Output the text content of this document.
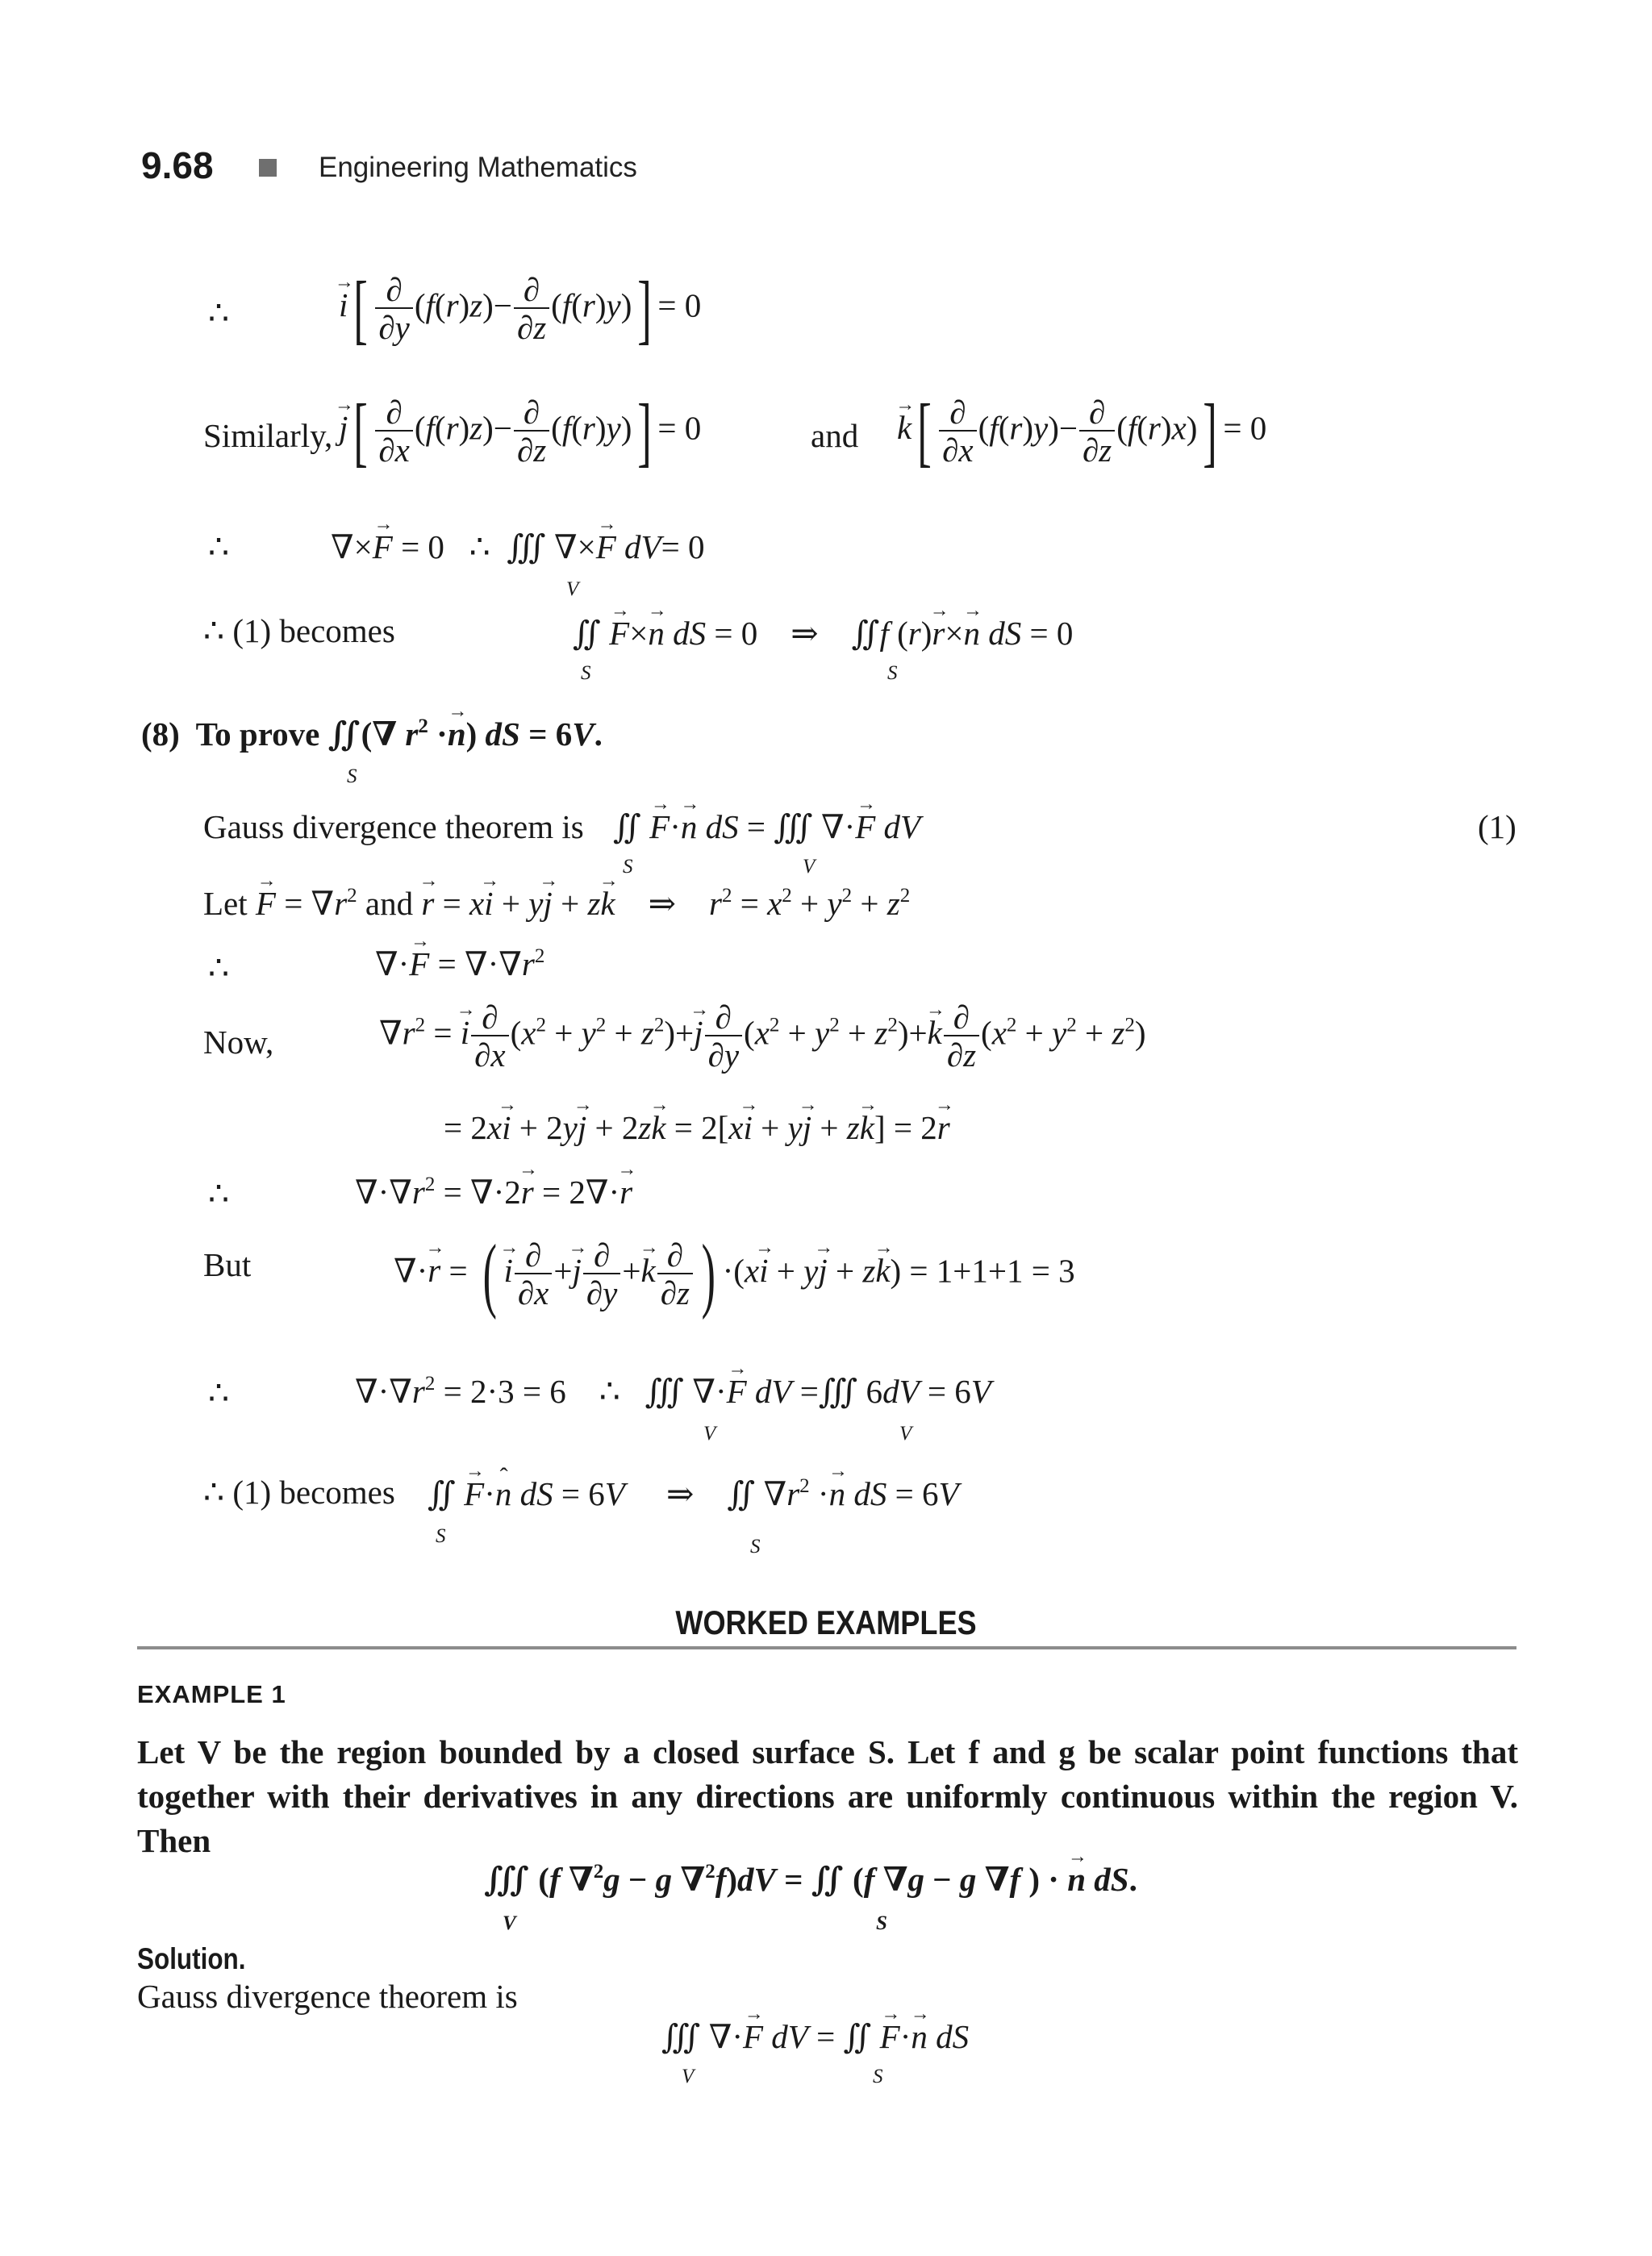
9.68	Engineering Mathematics
∴	→ $i[ \frac{\partial}{\partial y} (f(r)z)- \frac{\partial}{\partial z} (f(r)y)] = 0$
Similarly, → $j[ \frac{\partial}{\partial x} (f(r)z)- \frac{\partial}{\partial z} (f(r)y)] = 0$	and → $k[ \frac{\partial}{\partial x} (f(r)y)- \frac{\partial}{\partial z} (f(r)x)] = 0$
∴	∇×→ F = 0   ∴  ∭ ∇×→ F dV= 0
V
∴ (1) becomes	∬ → F×→ n dS = 0    ⇒    ∬f (r)→ r×→ n dS = 0
S	S
(8) To prove ∬(∇ $r^2 \cdot\to n$) dS = 6V.
S
Gauss divergence theorem is ∬ → F·→ n dS = ∭ ∇·→ F dV
S	V
(1)
Let → $F = \nabla r^2$ and → r = x→ i + y→ j + z→ k    ⇒    $r^2 = x^2 + y^2 + z^2$
∴	∇·→ $F = \nabla\cdot\nabla r^2$
Now,	$\nabla r^2$ = → i $\frac{\partial}{\partial x} (x^2 + y^2 + z^2)+\to j \frac{\partial}{\partial y} (x^2 + y^2 + z^2)+\to k \frac{\partial}{\partial z} (x^2 + y^2 + z^2)$
= 2x→ i + 2y→ j + 2z→ k = 2[x→ i + y→ j + z→ k] = 2→ r
∴	$\nabla\cdot\nabla r^2 = \nabla\cdot 2\to r = 2\nabla\cdot\to r$
But	∇·→ r = ( → i $\frac{\partial}{\partial x} +\to j \frac{\partial}{\partial y} +\to k \frac{\partial}{\partial z}$ ) ·(x→ i + y→ j + z→ k) = 1+1+1 = 3
∴	$\nabla\cdot\nabla r^2 = 2\cdot 3 = 6$    ∴   ∭ ∇·→ F dV =∭ 6dV = 6V
V	V
∴ (1) becomes ∬ → F·ˆ n dS = 6V     ⇒    ∬ $\nabla r^2 \cdot\to n$ dS = 6V
S	S
WORKED EXAMPLES
EXAMPLE 1
Let V be the region bounded by a closed surface S. Let f and g be scalar point functions that together with their derivatives in any directions are uniformly continuous within the region V. Then
∭ (f ∇$^2$g − g ∇$^2$f)dV = ∬ (f ∇g − g ∇f ) · → n dS.
V	S
Solution.
Gauss divergence theorem is
∭ ∇·→ F dV = ∬ → F·→ n dS
V	S
